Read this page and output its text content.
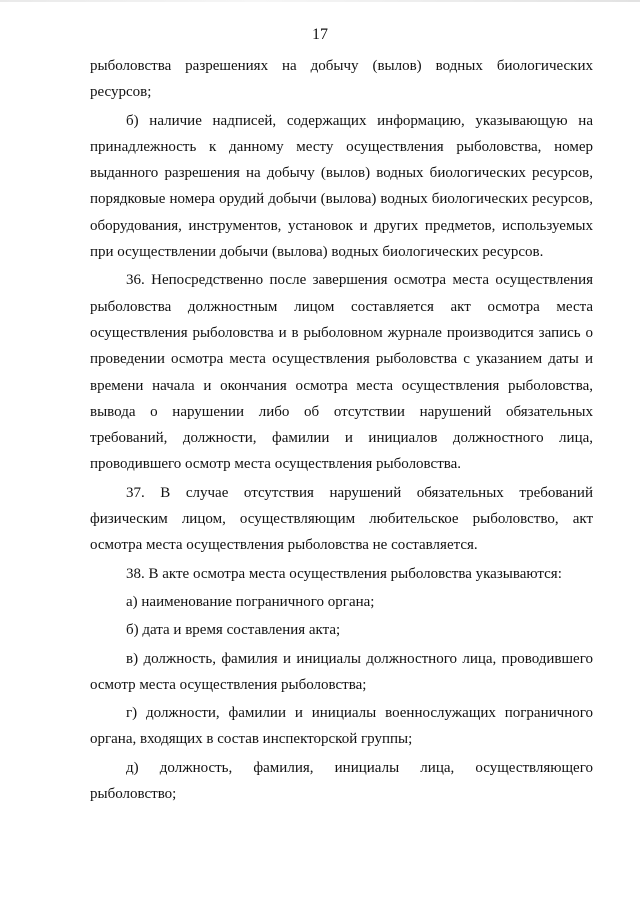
17

рыболовства разрешениях на добычу (вылов) водных биологических ресурсов;

б) наличие надписей, содержащих информацию, указывающую на принадлежность к данному месту осуществления рыболовства, номер выданного разрешения на добычу (вылов) водных биологических ресурсов, порядковые номера орудий добычи (вылова) водных биологических ресурсов, оборудования, инструментов, установок и других предметов, используемых при осуществлении добычи (вылова) водных биологических ресурсов.

36. Непосредственно после завершения осмотра места осуществления рыболовства должностным лицом составляется акт осмотра места осуществления рыболовства и в рыболовном журнале производится запись о проведении осмотра места осуществления рыболовства с указанием даты и времени начала и окончания осмотра места осуществления рыболовства, вывода о нарушении либо об отсутствии нарушений обязательных требований, должности, фамилии и инициалов должностного лица, проводившего осмотр места осуществления рыболовства.

37. В случае отсутствия нарушений обязательных требований физическим лицом, осуществляющим любительское рыболовство, акт осмотра места осуществления рыболовства не составляется.

38. В акте осмотра места осуществления рыболовства указываются:

а) наименование пограничного органа;

б) дата и время составления акта;

в) должность, фамилия и инициалы должностного лица, проводившего осмотр места осуществления рыболовства;

г) должности, фамилии и инициалы военнослужащих пограничного органа, входящих в состав инспекторской группы;

д) должность, фамилия, инициалы лица, осуществляющего рыболовство;
